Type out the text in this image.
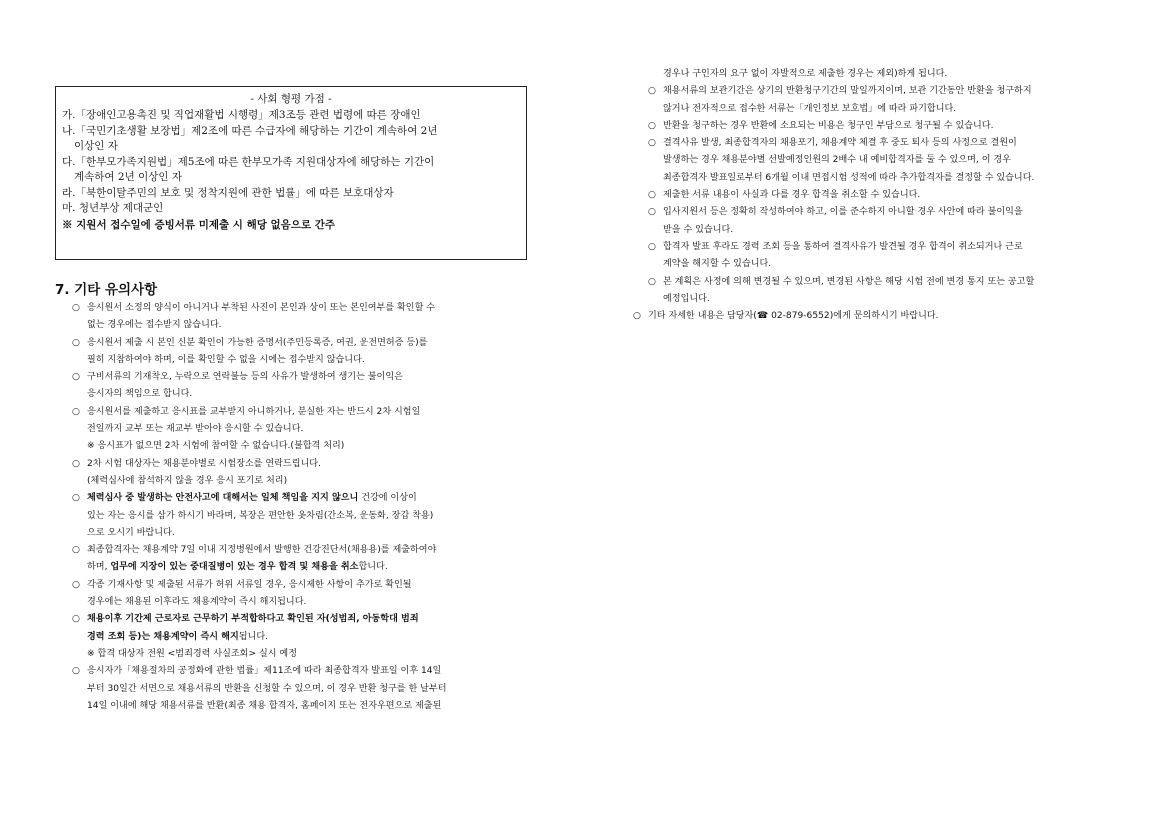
- 사회 형평 가점 -
가.「장애인고용촉진 및 직업재활법 시행령」제3조등 관련 법령에 따른 장애인
나.「국민기초생활 보장법」제2조에 따른 수급자에 해당하는 기간이 계속하여 2년
이상인 자
다.「한부모가족지원법」제5조에 따른 한부모가족 지원대상자에 해당하는 기간이
계속하여 2년 이상인 자
라.「북한이탈주민의 보호 및 정착지원에 관한 법률」에 따른 보호대상자
마. 청년부상 제대군인
※ 지원서 접수일에 증빙서류 미제출 시 해당 없음으로 간주
7. 기타 유의사항
○ 응시원서 소정의 양식이 아니거나 부착된 사진이 본인과 상이 또는 본인여부를 확인할 수
없는 경우에는 접수받지 않습니다.
○ 응시원서 제출 시 본인 신분 확인이 가능한 증명서(주민등록증, 여권, 운전면허증 등)를
필히 지참하여야 하며, 이를 확인할 수 없을 시에는 접수받지 않습니다.
○ 구비서류의 기재착오, 누락으로 연락불능 등의 사유가 발생하여 생기는 불이익은
응시자의 책임으로 합니다.
○ 응시원서를 제출하고 응시표를 교부받지 아니하거나, 분실한 자는 반드시 2차 시험일
전일까지 교부 또는 재교부 받아야 응시할 수 있습니다.
※ 응시표가 없으면 2차 시험에 참여할 수 없습니다.(불합격 처리)
○ 2차 시험 대상자는 채용분야별로 시험장소를 연락드립니다.
(체력심사에 참석하지 않을 경우 응시 포기로 처리)
○ 체력심사 중 발생하는 안전사고에 대해서는 일체 책임을 지지 않으니 건강에 이상이
있는 자는 응시를 삼가 하시기 바라며, 복장은 편안한 옷차림(간소복, 운동화, 장갑 착용)
으로 오시기 바랍니다.
○ 최종합격자는 채용계약 7일 이내 지정병원에서 발행한 건강진단서(채용용)를 제출하여야
하며, 업무에 지장이 있는 중대질병이 있는 경우 합격 및 채용을 취소합니다.
○ 각종 기재사항 및 제출된 서류가 허위 서류일 경우, 응시제한 사항이 추가로 확인될
경우에는 채용된 이후라도 채용계약이 즉시 해지됩니다.
○ 채용이후 기간제 근로자로 근무하기 부적합하다고 확인된 자(성범죄, 아동학대 범죄
경력 조회 등)는 채용계약이 즉시 해지됩니다.
※ 합격 대상자 전원 <범죄경력 사실조회> 실시 예정
○ 응시자가「채용절차의 공정화에 관한 법률」제11조에 따라 최종합격자 발표일 이후 14일
부터 30일간 서면으로 채용서류의 반환을 신청할 수 있으며, 이 경우 반환 청구를 한 날부터
14일 이내에 해당 채용서류를 반환(최종 채용 합격자, 홈페이지 또는 전자우편으로 제출된
경우나 구인자의 요구 없이 자발적으로 제출한 경우는 제외)하게 됩니다.
○ 채용서류의 보관기간은 상기의 반환청구기간의 말일까지이며, 보관 기간동안 반환을 청구하지
않거나 전자적으로 접수한 서류는「개인정보 보호법」에 따라 파기합니다.
○ 반환을 청구하는 경우 반환에 소요되는 비용은 청구인 부담으로 청구될 수 있습니다.
○ 결격사유 발생, 최종합격자의 채용포기, 채용계약 체결 후 중도 퇴사 등의 사정으로 결원이
발생하는 경우 채용분야별 선발예정인원의 2배수 내 예비합격자를 둘 수 있으며, 이 경우
최종합격자 발표일로부터 6개월 이내 면접시험 성적에 따라 추가합격자를 결정할 수 있습니다.
○ 제출한 서류 내용이 사실과 다를 경우 합격을 취소할 수 있습니다.
○ 입사지원서 등은 정확히 작성하여야 하고, 이를 준수하지 아니할 경우 사안에 따라 불이익을
받을 수 있습니다.
○ 합격자 발표 후라도 경력 조회 등을 통하여 결격사유가 발견될 경우 합격이 취소되거나 근로
계약을 해지할 수 있습니다.
○ 본 계획은 사정에 의해 변경될 수 있으며, 변경된 사항은 해당 시험 전에 변경 통지 또는 공고할
예정입니다.
○ 기타 자세한 내용은 담당자(☎ 02-879-6552)에게 문의하시기 바랍니다.
